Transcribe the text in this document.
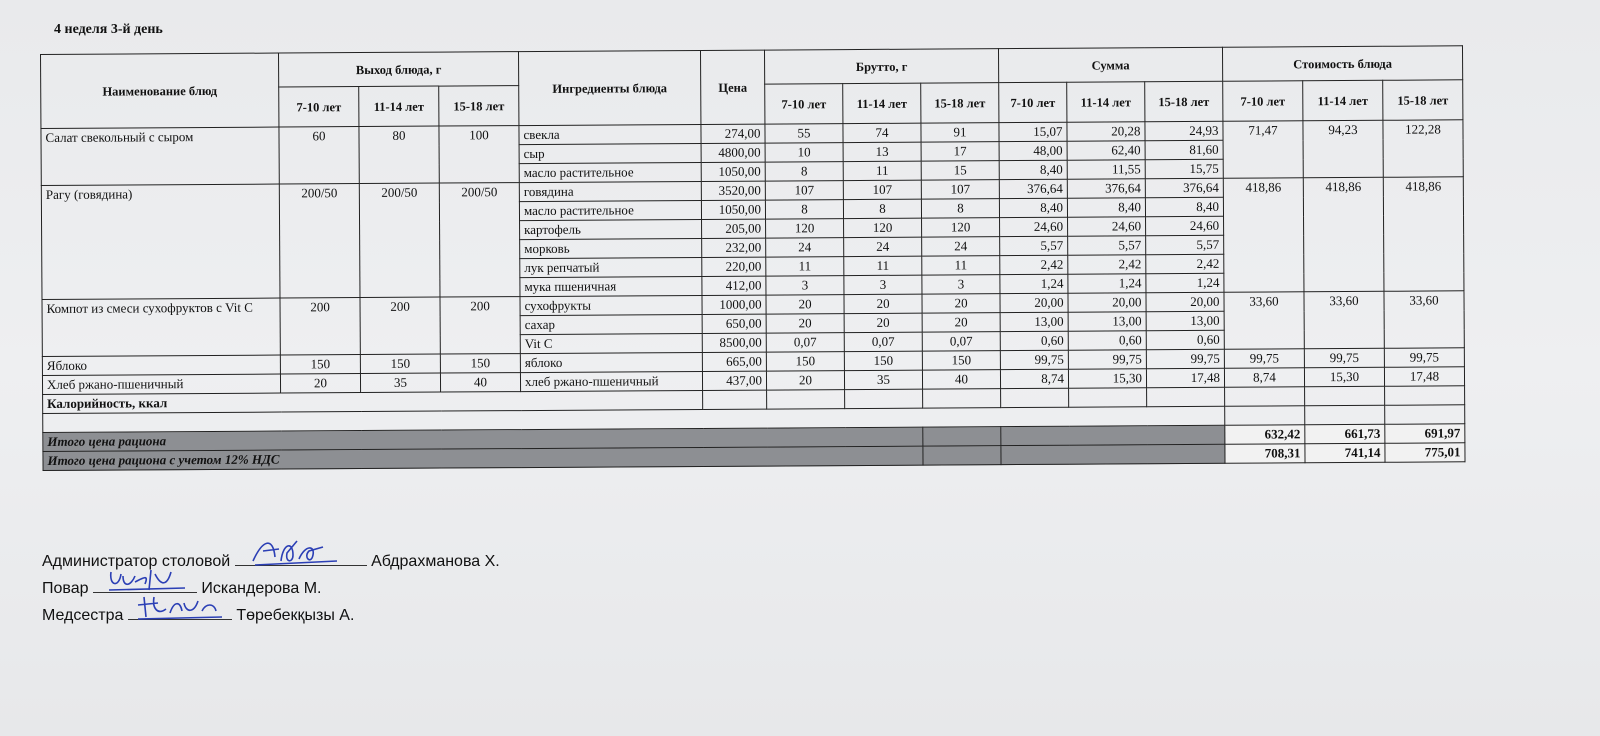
4 неделя 3-й день
Наименование блюд	Выход блюда, г			Ингредиенты блюда	Цена	Брутто, г			Сумма			Стоимость блюда		
	7-10 лет	11-14 лет	15-18 лет			7-10 лет	11-14 лет	15-18 лет	7-10 лет	11-14 лет	15-18 лет	7-10 лет	11-14 лет	15-18 лет
Салат свекольный с сыром	60	80	100	свекла	274,00	55	74	91	15,07	20,28	24,93	71,47	94,23	122,28
				сыр	4800,00	10	13	17	48,00	62,40	81,60			
				масло растительное	1050,00	8	11	15	8,40	11,55	15,75			
Рагу (говядина)	200/50	200/50	200/50	говядина	3520,00	107	107	107	376,64	376,64	376,64	418,86	418,86	418,86
				масло растительное	1050,00	8	8	8	8,40	8,40	8,40			
				картофель	205,00	120	120	120	24,60	24,60	24,60			
				морковь	232,00	24	24	24	5,57	5,57	5,57			
				лук репчатый	220,00	11	11	11	2,42	2,42	2,42			
				мука пшеничная	412,00	3	3	3	1,24	1,24	1,24			
Компот из смеси сухофруктов с Vit C	200	200	200	сухофрукты	1000,00	20	20	20	20,00	20,00	20,00	33,60	33,60	33,60
				сахар	650,00	20	20	20	13,00	13,00	13,00			
				Vit C	8500,00	0,07	0,07	0,07	0,60	0,60	0,60			
Яблоко	150	150	150	яблоко	665,00	150	150	150	99,75	99,75	99,75	99,75	99,75	99,75
Хлеб ржано-пшеничный	20	35	40	хлеб ржано-пшеничный	437,00	20	35	40	8,74	15,30	17,48	8,74	15,30	17,48
Калорийность, ккал														

Итого цена рациона												632,42	661,73	691,97
Итого цена рациона с учетом 12% НДС												708,31	741,14	775,01
Администратор столовой	Абдрахманова Х.
Повар	Искандерова М.
Медсестра	Төребекқызы А.
